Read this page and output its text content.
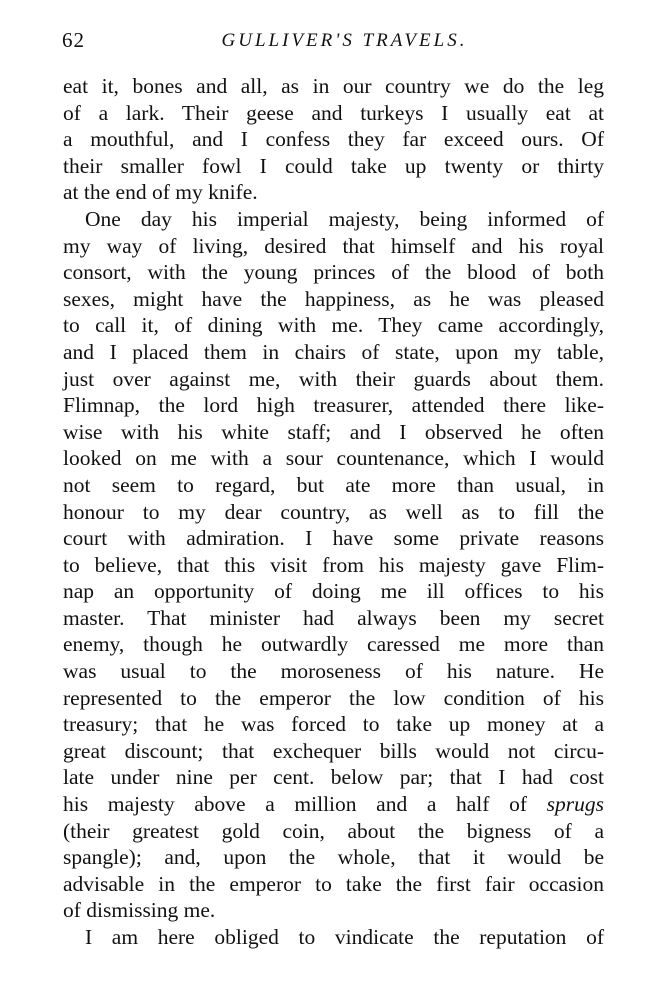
62	GULLIVER'S TRAVELS.
eat it, bones and all, as in our country we do the leg
of a lark. Their geese and turkeys I usually eat at
a mouthful, and I confess they far exceed ours. Of
their smaller fowl I could take up twenty or thirty
at the end of my knife.
One day his imperial majesty, being informed of
my way of living, desired that himself and his royal
consort, with the young princes of the blood of both
sexes, might have the happiness, as he was pleased
to call it, of dining with me. They came accordingly,
and I placed them in chairs of state, upon my table,
just over against me, with their guards about them.
Flimnap, the lord high treasurer, attended there like-
wise with his white staff; and I observed he often
looked on me with a sour countenance, which I would
not seem to regard, but ate more than usual, in
honour to my dear country, as well as to fill the
court with admiration. I have some private reasons
to believe, that this visit from his majesty gave Flim-
nap an opportunity of doing me ill offices to his
master. That minister had always been my secret
enemy, though he outwardly caressed me more than
was usual to the moroseness of his nature. He
represented to the emperor the low condition of his
treasury; that he was forced to take up money at a
great discount; that exchequer bills would not circu-
late under nine per cent. below par; that I had cost
his majesty above a million and a half of sprugs
(their greatest gold coin, about the bigness of a
spangle); and, upon the whole, that it would be
advisable in the emperor to take the first fair occasion
of dismissing me.
I am here obliged to vindicate the reputation of
